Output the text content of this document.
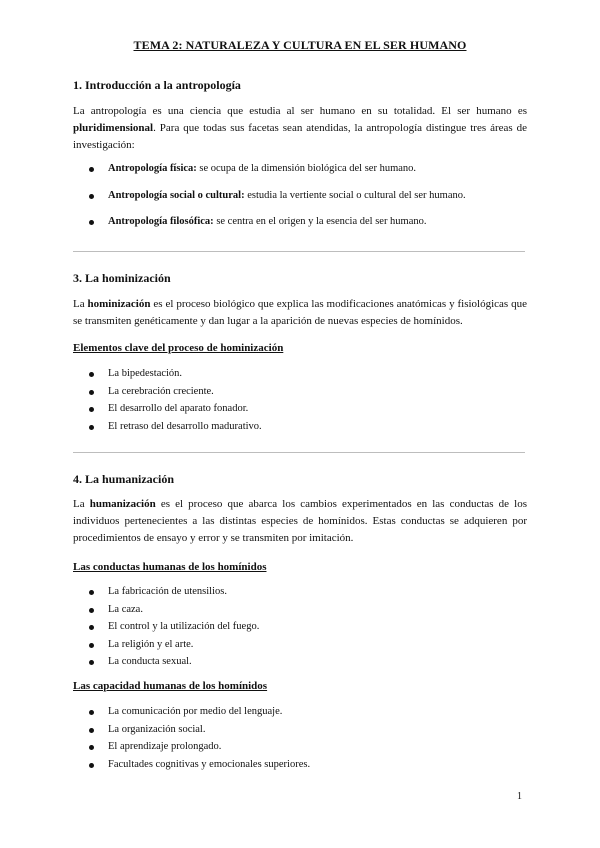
TEMA 2: NATURALEZA Y CULTURA EN EL SER HUMANO
1. Introducción a la antropología
La antropología es una ciencia que estudia al ser humano en su totalidad. El ser humano es pluridimensional. Para que todas sus facetas sean atendidas, la antropología distingue tres áreas de investigación:
Antropología física: se ocupa de la dimensión biológica del ser humano.
Antropología social o cultural: estudia la vertiente social o cultural del ser humano.
Antropología filosófica: se centra en el origen y la esencia del ser humano.
3. La hominización
La hominización es el proceso biológico que explica las modificaciones anatómicas y fisiológicas que se transmiten genéticamente y dan lugar a la aparición de nuevas especies de homínidos.
Elementos clave del proceso de hominización
La bipedestación.
La cerebración creciente.
El desarrollo del aparato fonador.
El retraso del desarrollo madurativo.
4. La humanización
La humanización es el proceso que abarca los cambios experimentados en las conductas de los individuos pertenecientes a las distintas especies de homínidos. Estas conductas se adquieren por procedimientos de ensayo y error y se transmiten por imitación.
Las conductas humanas de los homínidos
La fabricación de utensilios.
La caza.
El control y la utilización del fuego.
La religión y el arte.
La conducta sexual.
Las capacidad humanas de los homínidos
La comunicación por medio del lenguaje.
La organización social.
El aprendizaje prolongado.
Facultades cognitivas y emocionales superiores.
1
